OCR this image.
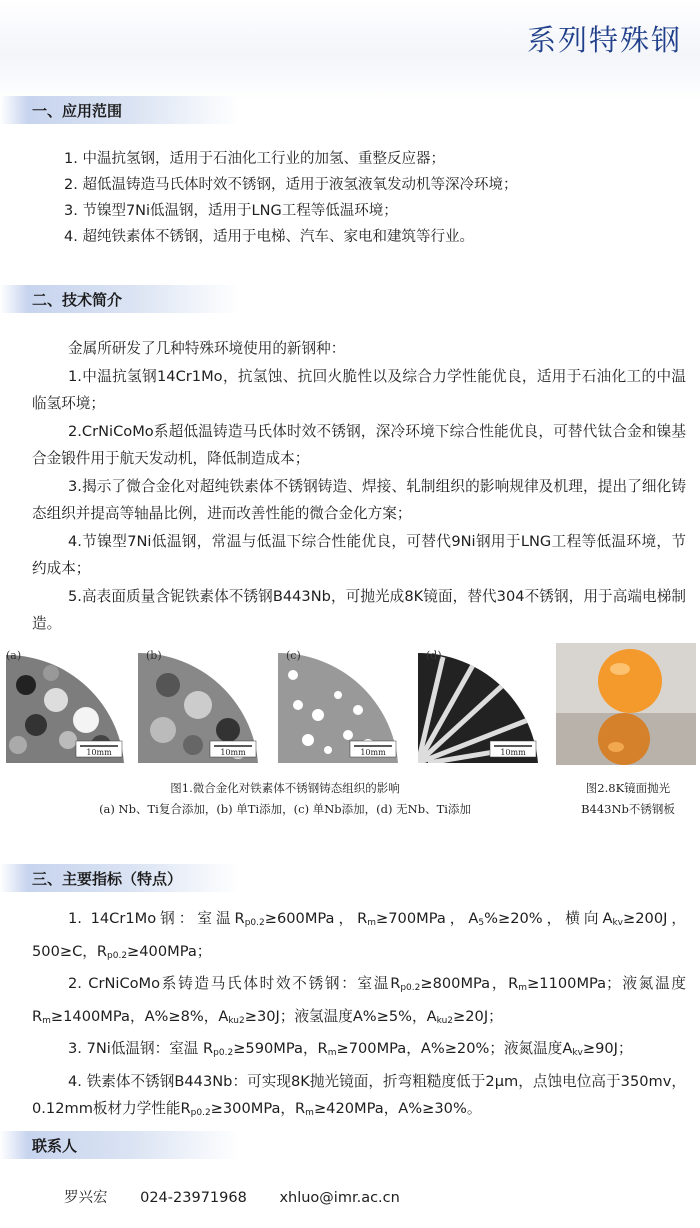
系列特殊钢
一、应用范围
1. 中温抗氢钢，适用于石油化工行业的加氢、重整反应器；
2. 超低温铸造马氏体时效不锈钢，适用于液氢液氧发动机等深冷环境；
3. 节镍型7Ni低温钢，适用于LNG工程等低温环境；
4. 超纯铁素体不锈钢，适用于电梯、汽车、家电和建筑等行业。
二、技术简介

金属所研发了几种特殊环境使用的新钢种：

1.中温抗氢钢14Cr1Mo，抗氢蚀、抗回火脆性以及综合力学性能优良，适用于石油化工的中温临氢环境；

2.CrNiCoMo系超低温铸造马氏体时效不锈钢，深冷环境下综合性能优良，可替代钛合金和镍基合金锻件用于航天发动机，降低制造成本；

3.揭示了微合金化对超纯铁素体不锈钢铸造、焊接、轧制组织的影响规律及机理，提出了细化铸态组织并提高等轴晶比例，进而改善性能的微合金化方案；

4.节镍型7Ni低温钢，常温与低温下综合性能优良，可替代9Ni钢用于LNG工程等低温环境，节约成本；

5.高表面质量含铌铁素体不锈钢B443Nb，可抛光成8K镜面，替代304不锈钢，用于高端电梯制造。

10mm
(a)
10mm
(b)
10mm
(c)
10mm
(d)
图1.微合金化对铁素体不锈钢铸态组织的影响
(a) Nb、Ti复合添加，(b) 单Ti添加，(c) 单Nb添加，(d) 无Nb、Ti添加
图2.8K镜面抛光
B443Nb不锈钢板
三、主要指标（特点）

1. 14Cr1Mo钢：室温$R_{p0.2}\ge 600MPa$，$R_m\ge 700MPa$，$A_5\%\ge 20\%$，横向$A_{kv}\ge 200J$，500≥C，$R_{p0.2}\ge 400MPa$；

2. CrNiCoMo系铸造马氏体时效不锈钢：室温$R_{p0.2}\ge 800MPa$，$R_m\ge 1100MPa$；液氮温度$R_m\ge 1400MPa$，A%≥8%，$A_{ku2}\ge 30J$；液氢温度A%≥5%，$A_{ku2}\ge 20J$；

3. 7Ni低温钢：室温 $R_{p0.2}\ge 590MPa$，$R_m\ge 700MPa$，A%≥20%；液氮温度$A_{kv}\ge 90J$；

4. 铁素体不锈钢B443Nb：可实现8K抛光镜面，折弯粗糙度低于2μm，点蚀电位高于350mv，0.12mm板材力学性能$R_{p0.2}\ge 300MPa$，$R_m\ge 420MPa$，A%≥30%。

联系人
罗兴宏 024-23971968 xhluo@imr.ac.cn
